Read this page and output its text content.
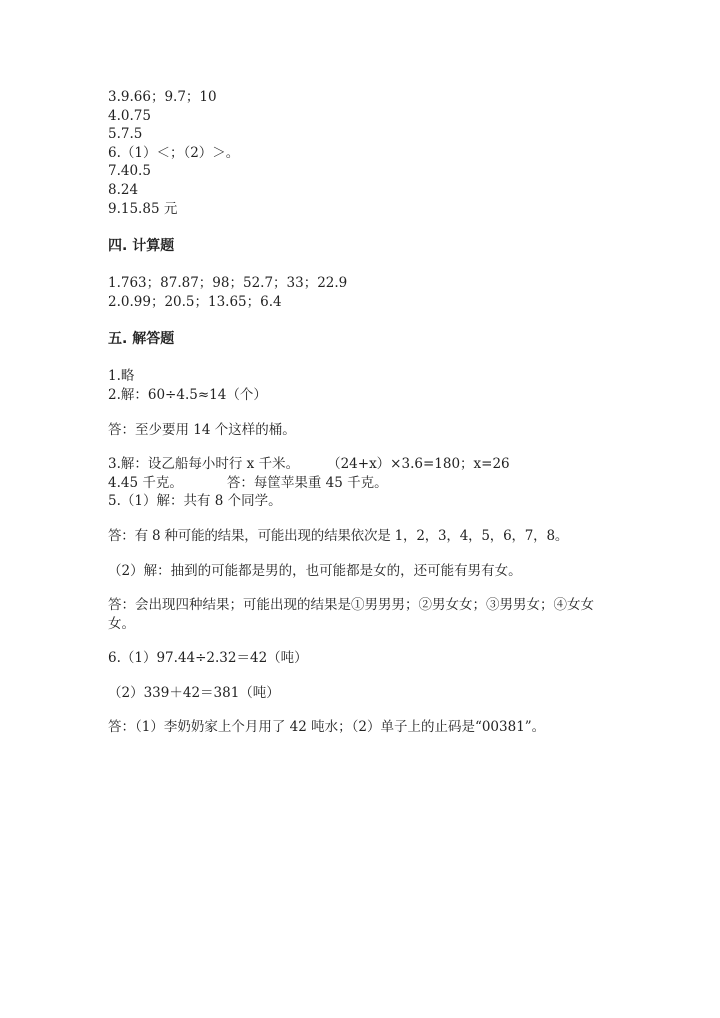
3.9.66；9.7；10
4.0.75
5.7.5
6.（1）＜；（2）＞。
7.40.5
8.24
9.15.85 元
四. 计算题
1.763；87.87；98；52.7；33；22.9
2.0.99；20.5；13.65；6.4
五. 解答题
1.略
2.解：60÷4.5≈14（个）
答：至少要用 14 个这样的桶。
3.解：设乙船每小时行 x 千米。 （24+x）×3.6=180；x=26
4.45 千克。	答：每筐苹果重 45 千克。
5.（1）解：共有 8 个同学。
答：有 8 种可能的结果，可能出现的结果依次是 1，2，3，4，5，6，7，8。
（2）解：抽到的可能都是男的，也可能都是女的，还可能有男有女。
答：会出现四种结果；可能出现的结果是①男男男；②男女女；③男男女；④女女女。
6.（1）97.44÷2.32＝42（吨）
（2）339＋42＝381（吨）
答：（1）李奶奶家上个月用了 42 吨水；（2）单子上的止码是“00381”。
